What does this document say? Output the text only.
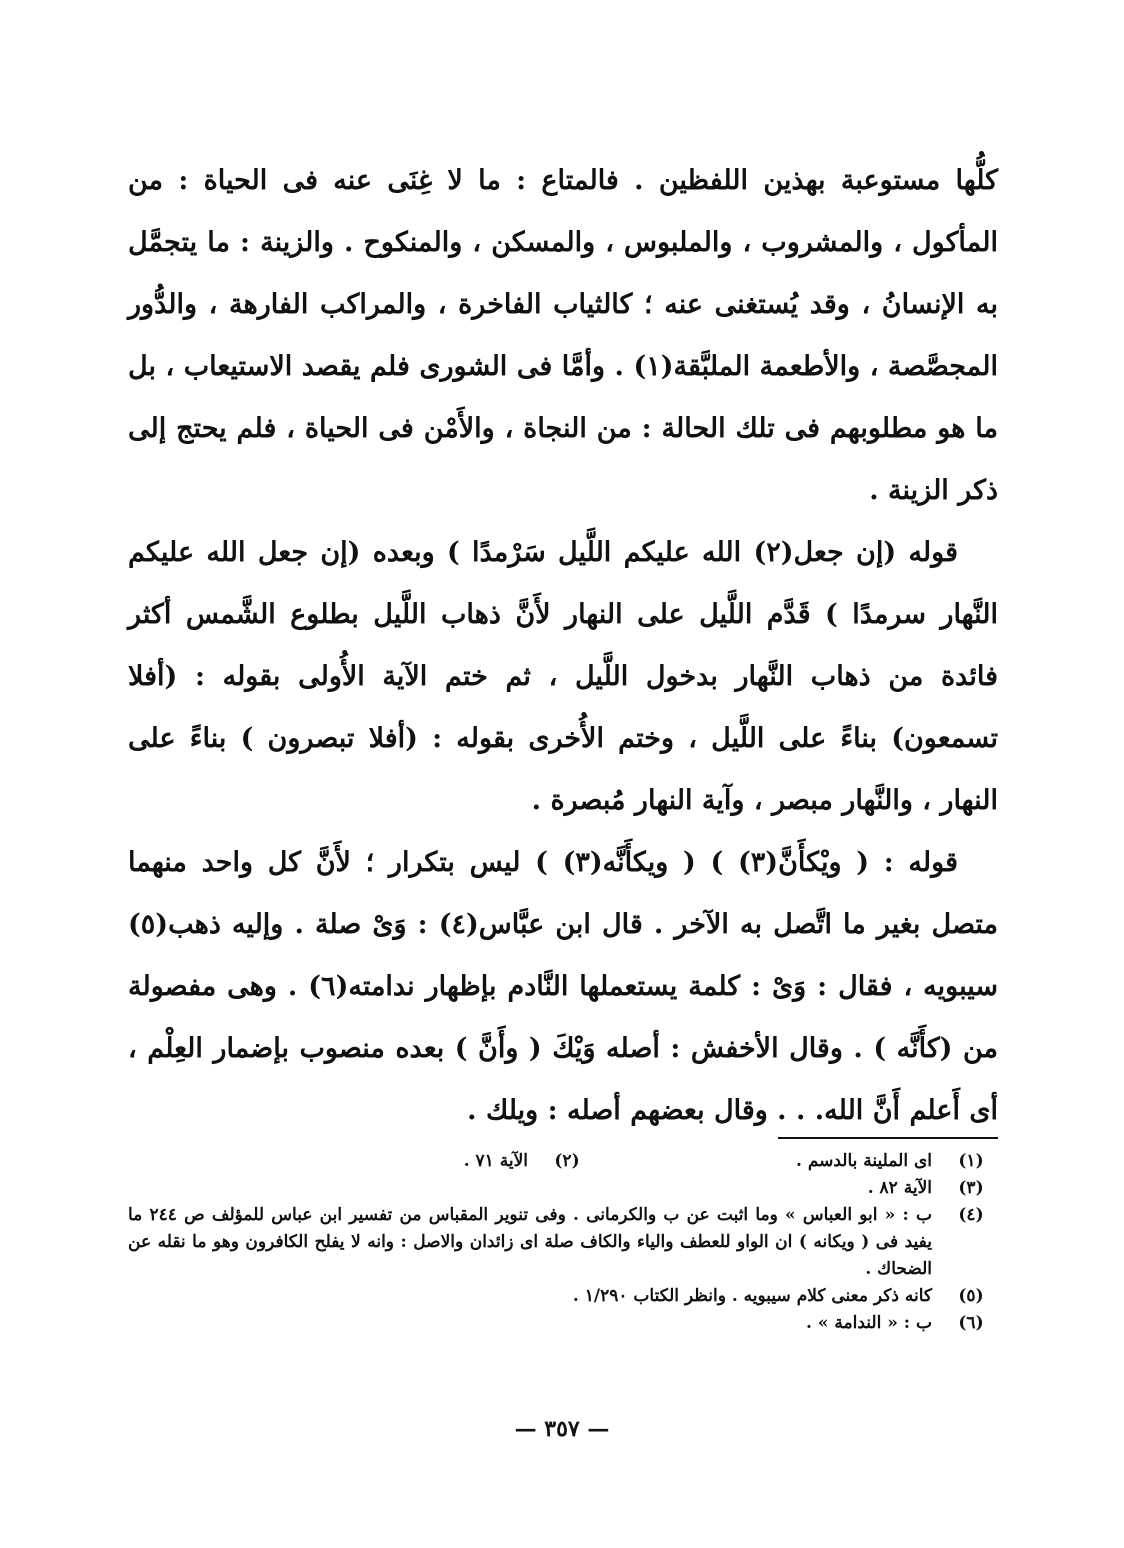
كلُّها مستوعبة بهذين اللفظين . فالمتاع : ما لا غِنَى عنه فى الحياة : من المأكول ، والمشروب ، والملبوس ، والمسكن ، والمنكوح . والزينة : ما يتجمَّل به الإنسانُ ، وقد يُستغنى عنه ؛ كالثياب الفاخرة ، والمراكب الفارهة ، والدُّور المجصَّصة ، والأطعمة الملبَّقة(١) . وأمَّا فى الشورى فلم يقصد الاستيعاب ، بل ما هو مطلوبهم فى تلك الحالة : من النجاة ، والأَمْن فى الحياة ، فلم يحتج إلى ذكر الزينة .

قوله (إن جعل(٢) الله عليكم اللَّيل سَرْمدًا ) وبعده (إن جعل الله عليكم النَّهار سرمدًا ) قَدَّم اللَّيل على النهار لأَنَّ ذهاب اللَّيل بطلوع الشَّمس أكثر فائدة من ذهاب النَّهار بدخول اللَّيل ، ثم ختم الآية الأُولى بقوله : (أفلا تسمعون) بناءً على اللَّيل ، وختم الأُخرى بقوله : (أفلا تبصرون ) بناءً على النهار ، والنَّهار مبصر ، وآية النهار مُبصرة .

قوله : ( ويْكأَنَّ(٣) ) ( ويكأَنَّه(٣) ) ليس بتكرار ؛ لأَنَّ كل واحد منهما متصل بغير ما اتَّصل به الآخر . قال ابن عبَّاس(٤) : وَىْ صلة . وإليه ذهب(٥) سيبويه ، فقال : وَىْ : كلمة يستعملها النَّادم بإظهار ندامته(٦) . وهى مفصولة من (كأَنَّه ) . وقال الأخفش : أصله وَيْكَ ( وأَنَّ ) بعده منصوب بإضمار العِلْم ، أى أَعلم أَنَّ الله. . . وقال بعضهم أصله : ويلك .

(١)
اى الملينة بالدسم .
(٢)
الآية ٧١ .
(٣)
الآية ٨٢ .
(٤)
ب : « ابو العباس » وما اثبت عن ب والكرمانى . وفى تنوير المقباس من تفسير ابن عباس للمؤلف ص ٢٤٤ ما يفيد فى ( ويكانه ) ان الواو للعطف والياء والكاف صلة اى زائدان والاصل : وانه لا يفلح الكافرون وهو ما نقله عن الضحاك .
(٥)
كانه ذكر معنى كلام سيبويه . وانظر الكتاب ١/٢٩٠ .
(٦)
ب : « الندامة » .
— ٣٥٧ —
